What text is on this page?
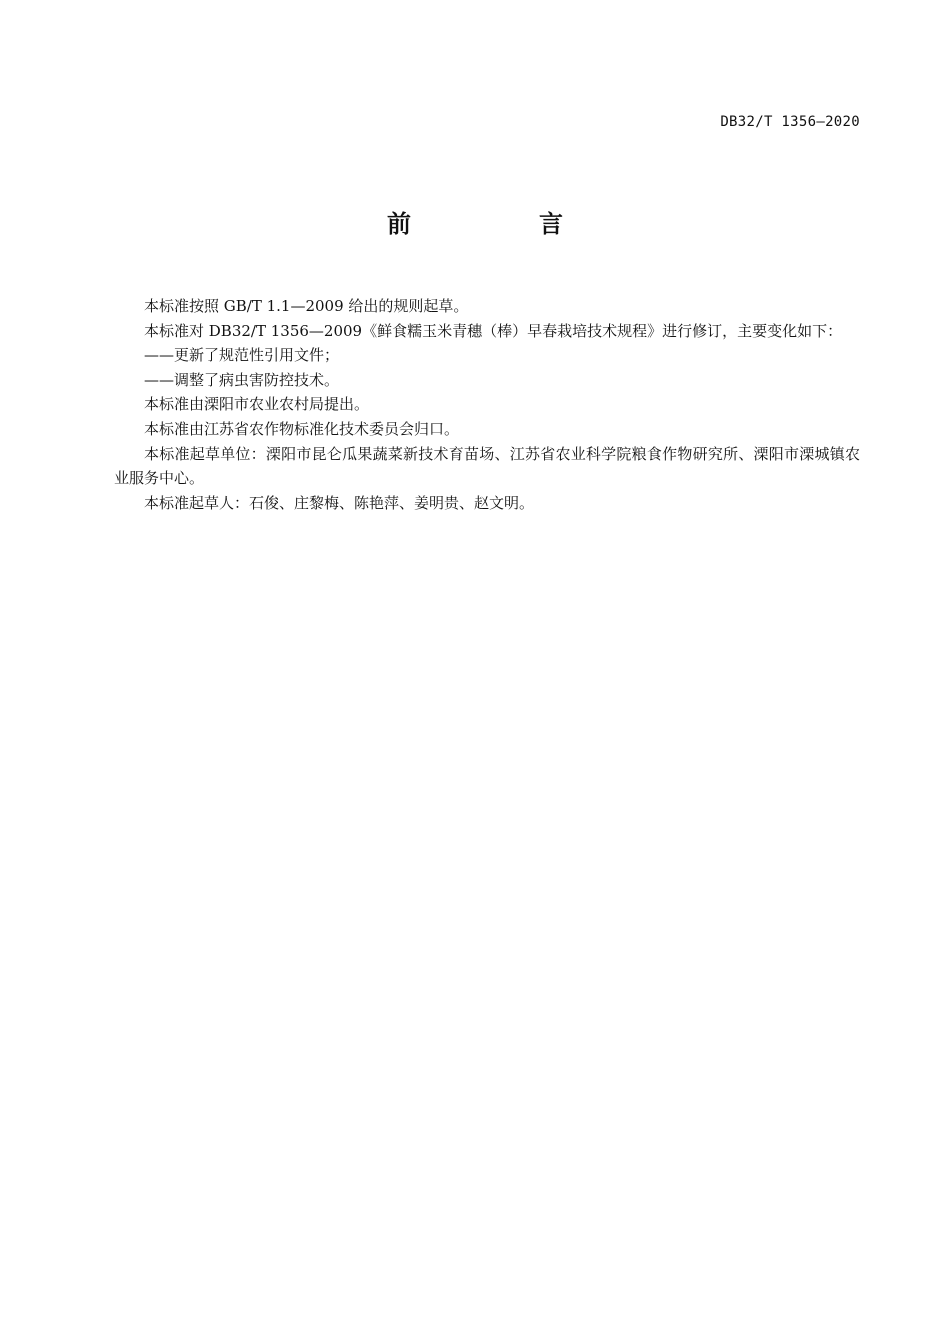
DB32/T 1356—2020
前　言

本标准按照 GB/T 1.1—2009 给出的规则起草。

本标准对 DB32/T 1356—2009《鲜食糯玉米青穗（棒）早春栽培技术规程》进行修订，主要变化如下：

——更新了规范性引用文件；

——调整了病虫害防控技术。

本标准由溧阳市农业农村局提出。

本标准由江苏省农作物标准化技术委员会归口。

本标准起草单位：溧阳市昆仑瓜果蔬菜新技术育苗场、江苏省农业科学院粮食作物研究所、溧阳市溧城镇农业服务中心。

本标准起草人：石俊、庄黎梅、陈艳萍、姜明贵、赵文明。
